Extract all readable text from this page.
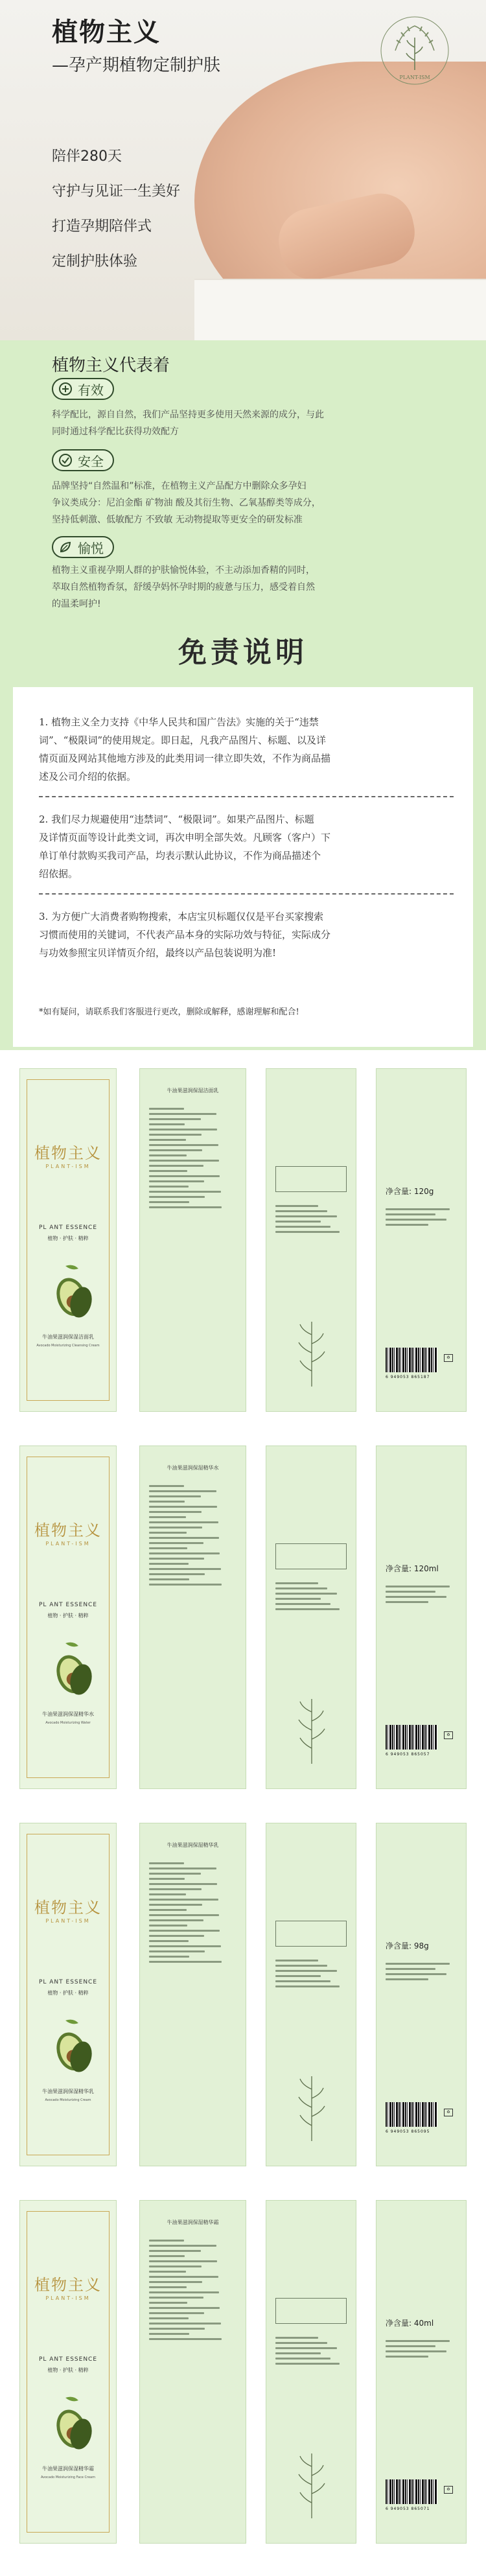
植物主义
—孕产期植物定制护肤
陪伴280天
守护与见证一生美好
打造孕期陪伴式
定制护肤体验
PLANT-ISM
植物主义代表着
有效
科学配比，源自自然，我们产品坚持更多使用天然来源的成分，与此
同时通过科学配比获得功效配方
安全
品牌坚持“自然温和”标准，在植物主义产品配方中删除众多孕妇
争议类成分：尼泊金酯 矿物油 酸及其衍生物、乙氧基醇类等成分，
坚持低刺激、低敏配方 不致敏 无动物提取等更安全的研发标准
愉悦
植物主义重视孕期人群的护肤愉悦体验，不主动添加香精的同时，
萃取自然植物香氛，舒缓孕妈怀孕时期的疲惫与压力，感受着自然
的温柔呵护!
免责说明
1. 植物主义全力支持《中华人民共和国广告法》实施的关于“违禁
词”、“极限词”的使用规定。即日起，凡我产品图片、标题、以及详
情页面及网站其他地方涉及的此类用词一律立即失效，不作为商品描
述及公司介绍的依据。
2. 我们尽力规避使用“违禁词”、“极限词”。如果产品图片、标题
及详情页面等设计此类文词，再次申明全部失效。凡顾客（客户）下
单订单付款购买我司产品，均表示默认此协议，不作为商品描述个
绍依据。
3. 为方便广大消费者购物搜索，本店宝贝标题仅仅是平台买家搜索
习惯而使用的关键词，不代表产品本身的实际功效与特征，实际成分
与功效参照宝贝详情页介绍，最终以产品包装说明为准!
*如有疑问，请联系我们客服进行更改，删除或解释，感谢理解和配合!
植物主义
PLANT-ISM
PL ANT ESSENCE
植物 · 护肤 · 精粹
牛油果滋润保湿洁面乳
Avocado Moisturizing Cleansing Cream
牛油果滋润保湿洁面乳
净含量: 120g
6 949053 865187
♻
植物主义
PLANT-ISM
PL ANT ESSENCE
植物 · 护肤 · 精粹
牛油果滋润保湿精华水
Avocado Moisturizing Water
牛油果滋润保湿精华水
净含量: 120ml
6 949053 865057
♻
植物主义
PLANT-ISM
PL ANT ESSENCE
植物 · 护肤 · 精粹
牛油果滋润保湿精华乳
Avocado Moisturizing Cream
牛油果滋润保湿精华乳
净含量: 98g
6 949053 865095
♻
植物主义
PLANT-ISM
PL ANT ESSENCE
植物 · 护肤 · 精粹
牛油果滋润保湿精华霜
Avocado Moisturizing Face Cream
牛油果滋润保湿精华霜
净含量: 40ml
6 949053 865071
♻
